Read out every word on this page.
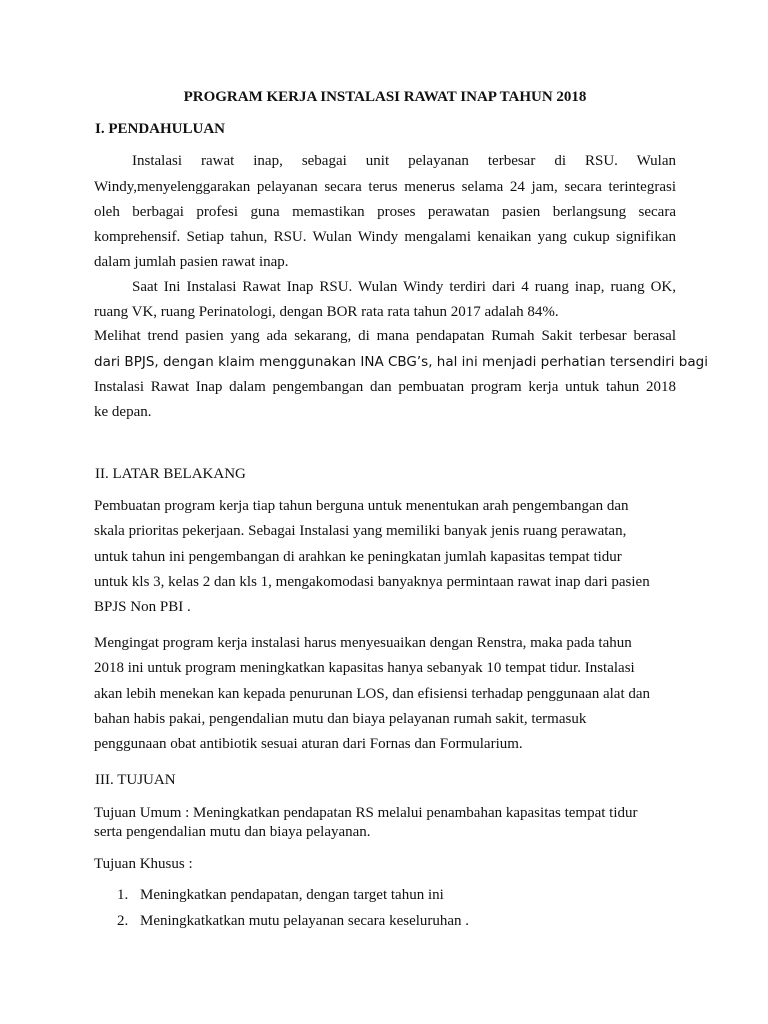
PROGRAM KERJA INSTALASI RAWAT INAP TAHUN 2018
I. PENDAHULUAN
Instalasi rawat inap, sebagai unit pelayanan terbesar di RSU. Wulan
Windy,menyelenggarakan pelayanan secara terus menerus selama 24 jam, secara terintegrasi
oleh berbagai profesi guna memastikan proses perawatan pasien berlangsung secara
komprehensif. Setiap tahun, RSU. Wulan Windy mengalami kenaikan yang cukup signifikan
dalam jumlah pasien rawat inap.
Saat Ini Instalasi Rawat Inap RSU. Wulan Windy terdiri dari 4 ruang inap, ruang OK,
ruang VK, ruang Perinatologi, dengan BOR rata rata tahun 2017 adalah 84%.
Melihat trend pasien yang ada sekarang, di mana pendapatan Rumah Sakit terbesar berasal
dari BPJS, dengan klaim menggunakan INA CBG’s, hal ini menjadi perhatian tersendiri bagi
Instalasi Rawat Inap dalam pengembangan dan pembuatan program kerja untuk tahun 2018
ke depan.
II. LATAR BELAKANG
Pembuatan program kerja tiap tahun berguna untuk menentukan arah pengembangan dan
skala prioritas pekerjaan. Sebagai Instalasi yang memiliki banyak jenis ruang perawatan,
untuk tahun ini pengembangan di arahkan ke peningkatan jumlah kapasitas tempat tidur
untuk kls 3, kelas 2 dan kls 1, mengakomodasi banyaknya permintaan rawat inap dari pasien
BPJS Non PBI .
Mengingat program kerja instalasi harus menyesuaikan dengan Renstra, maka pada tahun
2018 ini untuk program meningkatkan kapasitas hanya sebanyak 10 tempat tidur. Instalasi
akan lebih menekan kan kepada penurunan LOS, dan efisiensi terhadap penggunaan alat dan
bahan habis pakai, pengendalian mutu dan biaya pelayanan rumah sakit, termasuk
penggunaan obat antibiotik sesuai aturan dari Fornas dan Formularium.
III. TUJUAN
Tujuan Umum : Meningkatkan pendapatan RS melalui penambahan kapasitas tempat tidur
serta pengendalian mutu dan biaya pelayanan.
Tujuan Khusus :
1. Meningkatkan pendapatan, dengan target tahun ini
2. Meningkatkatkan mutu pelayanan secara keseluruhan .
